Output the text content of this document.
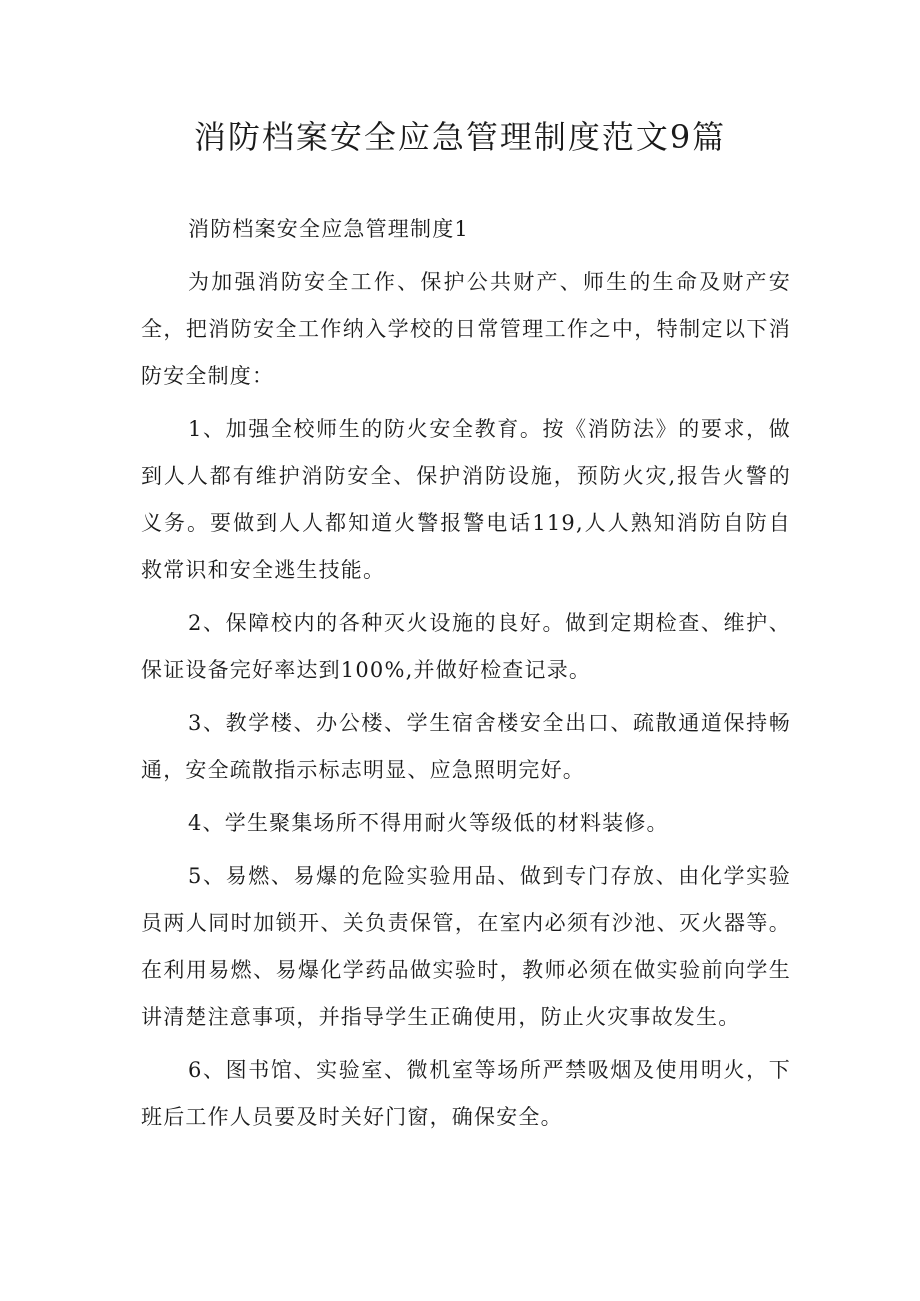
消防档案安全应急管理制度范文9篇

消防档案安全应急管理制度1

为加强消防安全工作、保护公共财产、师生的生命及财产安全，把消防安全工作纳入学校的日常管理工作之中，特制定以下消防安全制度：

1、加强全校师生的防火安全教育。按《消防法》的要求，做到人人都有维护消防安全、保护消防设施，预防火灾,报告火警的义务。要做到人人都知道火警报警电话119,人人熟知消防自防自救常识和安全逃生技能。

2、保障校内的各种灭火设施的良好。做到定期检查、维护、保证设备完好率达到100%,并做好检查记录。

3、教学楼、办公楼、学生宿舍楼安全出口、疏散通道保持畅通，安全疏散指示标志明显、应急照明完好。

4、学生聚集场所不得用耐火等级低的材料装修。

5、易燃、易爆的危险实验用品、做到专门存放、由化学实验员两人同时加锁开、关负责保管，在室内必须有沙池、灭火器等。在利用易燃、易爆化学药品做实验时，教师必须在做实验前向学生讲清楚注意事项，并指导学生正确使用，防止火灾事故发生。

6、图书馆、实验室、微机室等场所严禁吸烟及使用明火，下班后工作人员要及时关好门窗，确保安全。
